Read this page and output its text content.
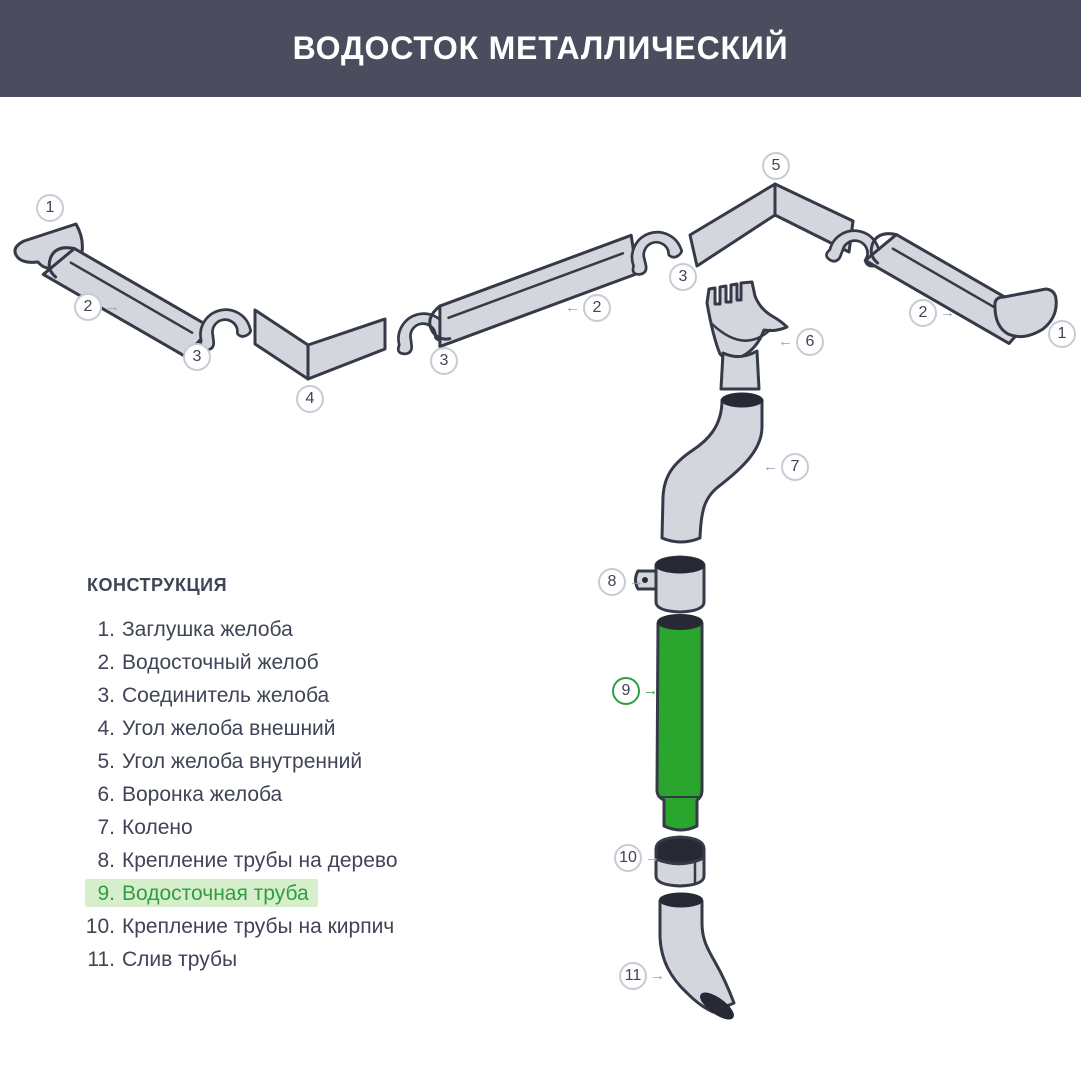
ВОДОСТОК МЕТАЛЛИЧЕСКИЙ
1
2 →
3
4
3
← 2
3
5
← 6
2 →
1
← 7
8 →
9 →
10 →
11 →
КОНСТРУКЦИЯ
1. Заглушка желоба
2. Водосточный желоб
3. Соединитель желоба
4. Угол желоба внешний
5. Угол желоба внутренний
6. Воронка желоба
7. Колено
8. Крепление трубы на дерево
9. Водосточная труба
10. Крепление трубы на кирпич
11. Слив трубы
